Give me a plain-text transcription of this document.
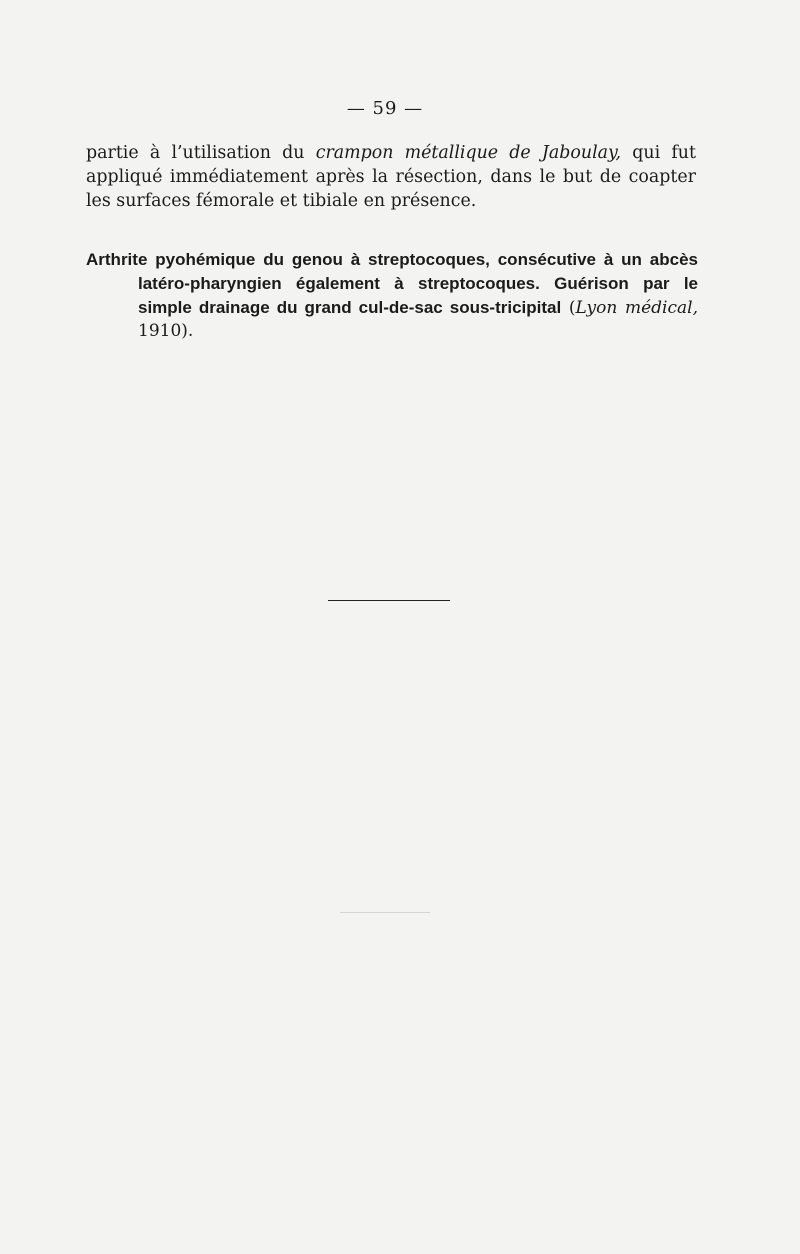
— 59 —

partie à l’utilisation du crampon métallique de Jaboulay, qui fut appliqué immédiatement après la résection, dans le but de coapter les surfaces fémorale et tibiale en présence.

Arthrite pyohémique du genou à streptocoques, consécutive à un abcès latéro-pharyngien également à streptocoques. Guérison par le simple drainage du grand cul-de-sac sous-tricipital (Lyon médical, 1910).
